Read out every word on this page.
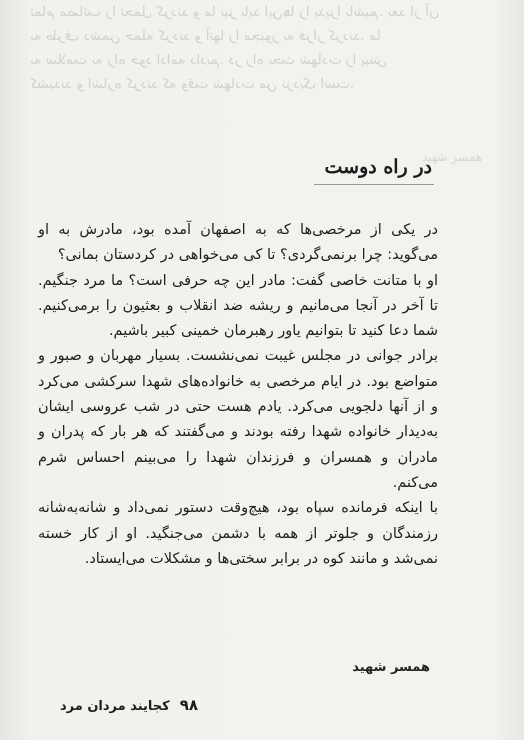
تمام مصائب را تحمل کردند و ما نیز باید این‌ها را پذیرا باشیم. بعد از آن
به طرف دشمن حمله کردند و آنها را مجبور به فرار کردند. ما
به سلامت به راه خود ادامه دادیم. در راه بحث شهادت را پیش
کشیدند و اشاره کردند که وقت شهادت من نزدیک است.
همسر شهید
در راه دوست

در یکی از مرخصی‌ها که به اصفهان آمده بود، مادرش به او می‌گوید: چرا برنمی‌گردی؟ تا کی می‌خواهی در کردستان بمانی؟

او با متانت خاصی گفت: مادر این چه حرفی است؟ ما مرد جنگیم. تا آخر در آنجا می‌مانیم و ریشه ضد انقلاب و بعثیون را برمی‌کنیم. شما دعا کنید تا بتوانیم یاور رهبرمان خمینی کبیر باشیم.

برادر جوانی در مجلس غیبت نمی‌نشست. بسیار مهربان و صبور و متواضع بود. در ایام مرخصی به خانواده‌های شهدا سرکشی می‌کرد و از آنها دلجویی می‌کرد. یادم هست حتی در شب عروسی ایشان به‌دیدار خانواده شهدا رفته بودند و می‌گفتند که هر بار که پدران و مادران و همسران و فرزندان شهدا را می‌بینم احساس شرم می‌کنم.

با اینکه فرمانده سپاه بود، هیچ‌وقت دستور نمی‌داد و شانه‌به‌شانه رزمندگان و جلوتر از همه با دشمن می‌جنگید. او از کار خسته نمی‌شد و مانند کوه در برابر سختی‌ها و مشکلات می‌ایستاد.

همسر شهید
۹۸
کجایند مردان مرد
